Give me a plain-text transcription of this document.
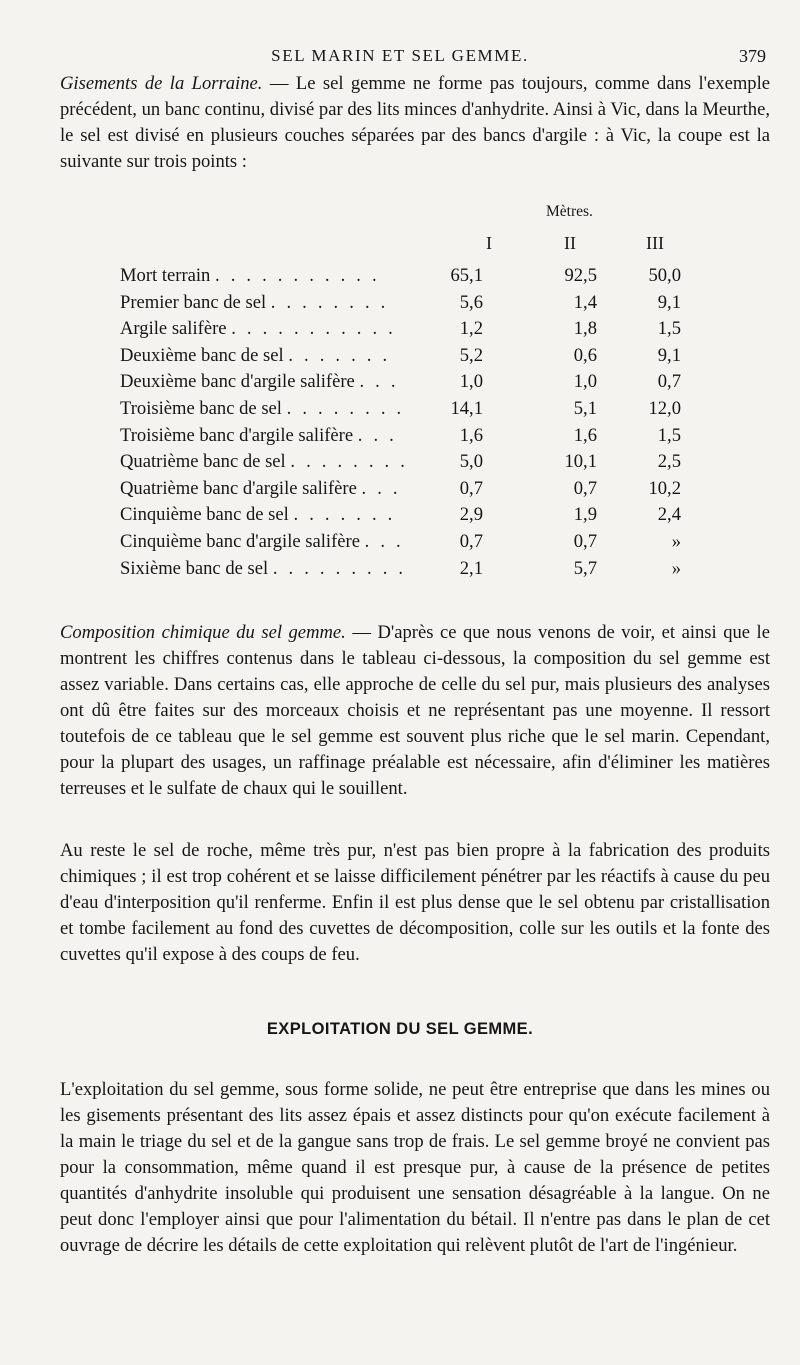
SEL MARIN ET SEL GEMME.	379

Gisements de la Lorraine. — Le sel gemme ne forme pas toujours, comme dans l'exemple précédent, un banc continu, divisé par des lits minces d'anhydrite. Ainsi à Vic, dans la Meurthe, le sel est divisé en plusieurs couches séparées par des bancs d'argile : à Vic, la coupe est la suivante sur trois points :

Mètres.
I	II	III
Mort terrain . . . . . . . . . . .	65,1	92,5	50,0
Premier banc de sel . . . . . . . .	5,6	1,4	9,1
Argile salifère . . . . . . . . . . .	1,2	1,8	1,5
Deuxième banc de sel . . . . . . .	5,2	0,6	9,1
Deuxième banc d'argile salifère . . .	1,0	1,0	0,7
Troisième banc de sel . . . . . . . .	14,1	5,1	12,0
Troisième banc d'argile salifère . . .	1,6	1,6	1,5
Quatrième banc de sel . . . . . . . .	5,0	10,1	2,5
Quatrième banc d'argile salifère . . .	0,7	0,7	10,2
Cinquième banc de sel . . . . . . .	2,9	1,9	2,4
Cinquième banc d'argile salifère . . .	0,7	0,7	»
Sixième banc de sel . . . . . . . . .	2,1	5,7	»

Composition chimique du sel gemme. — D'après ce que nous venons de voir, et ainsi que le montrent les chiffres contenus dans le tableau ci-dessous, la composition du sel gemme est assez variable. Dans certains cas, elle approche de celle du sel pur, mais plusieurs des analyses ont dû être faites sur des morceaux choisis et ne représentant pas une moyenne. Il ressort toutefois de ce tableau que le sel gemme est souvent plus riche que le sel marin. Cependant, pour la plupart des usages, un raffinage préalable est nécessaire, afin d'éliminer les matières terreuses et le sulfate de chaux qui le souillent.

Au reste le sel de roche, même très pur, n'est pas bien propre à la fabrication des produits chimiques ; il est trop cohérent et se laisse difficilement pénétrer par les réactifs à cause du peu d'eau d'interposition qu'il renferme. Enfin il est plus dense que le sel obtenu par cristallisation et tombe facilement au fond des cuvettes de décomposition, colle sur les outils et la fonte des cuvettes qu'il expose à des coups de feu.

EXPLOITATION DU SEL GEMME.

L'exploitation du sel gemme, sous forme solide, ne peut être entreprise que dans les mines ou les gisements présentant des lits assez épais et assez distincts pour qu'on exécute facilement à la main le triage du sel et de la gangue sans trop de frais. Le sel gemme broyé ne convient pas pour la consommation, même quand il est presque pur, à cause de la présence de petites quantités d'anhydrite insoluble qui produisent une sensation désagréable à la langue. On ne peut donc l'employer ainsi que pour l'alimentation du bétail. Il n'entre pas dans le plan de cet ouvrage de décrire les détails de cette exploitation qui relèvent plutôt de l'art de l'ingénieur.
